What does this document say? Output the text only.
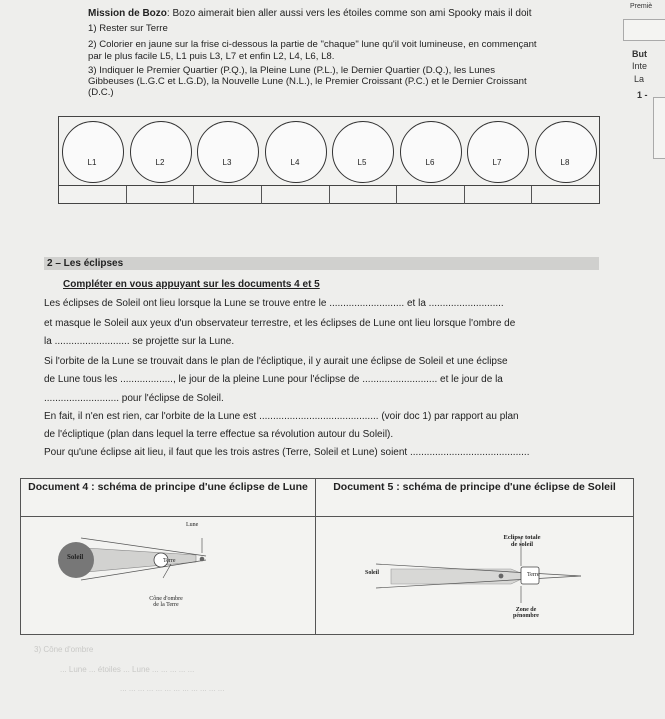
Mission de Bozo: Bozo aimerait bien aller aussi vers les étoiles comme son ami Spooky mais il doit
1) Rester sur Terre
2) Colorier en jaune sur la frise ci-dessous la partie de "chaque" lune qu'il voit lumineuse, en commençant
par le plus facile L5, L1 puis L3, L7 et enfin L2, L4, L6, L8.
3) Indiquer le Premier Quartier (P.Q.), la Pleine Lune (P.L.), le Dernier Quartier (D.Q.), les Lunes
Gibbeuses (L.G.C et L.G.D), la Nouvelle Lune (N.L.), le Premier Croissant (P.C.) et le Dernier Croissant
(D.C.)
Premiè
But
Inte
La
1 -
L1	L2	L3	L4	L5	L6	L7	L8
2 – Les éclipses
Compléter en vous appuyant sur les documents 4 et 5
Les éclipses de Soleil ont lieu lorsque la Lune se trouve entre le ........................... et la ...........................
et masque le Soleil aux yeux d'un observateur terrestre, et les éclipses de Lune ont lieu lorsque l'ombre de
la ........................... se projette sur la Lune.
Si l'orbite de la Lune se trouvait dans le plan de l'écliptique, il y aurait une éclipse de Soleil et une éclipse
de Lune tous les ..................., le jour de la pleine Lune pour l'éclipse de ........................... et le jour de la
........................... pour l'éclipse de Soleil.
En fait, il n'en est rien, car l'orbite de la Lune est ........................................... (voir doc 1) par rapport au plan
de l'écliptique (plan dans lequel la terre effectue sa révolution autour du Soleil).
Pour qu'une éclipse ait lieu, il faut que les trois astres (Terre, Soleil et Lune) soient ...........................................
Document 4 : schéma de principe d'une éclipse de Lune	Document 5 : schéma de principe d'une éclipse de Soleil
Lune
Soleil	Terre
Cône d'ombre
de la Terre
Eclipse totale
de soleil
Soleil	Terre
Zone de
pénombre
3) Cône d'ombre
... Lune ... étoiles ... Lune ... ... ... ... ...
... ... ... ... ... ... ... ... ... ... ... ...
